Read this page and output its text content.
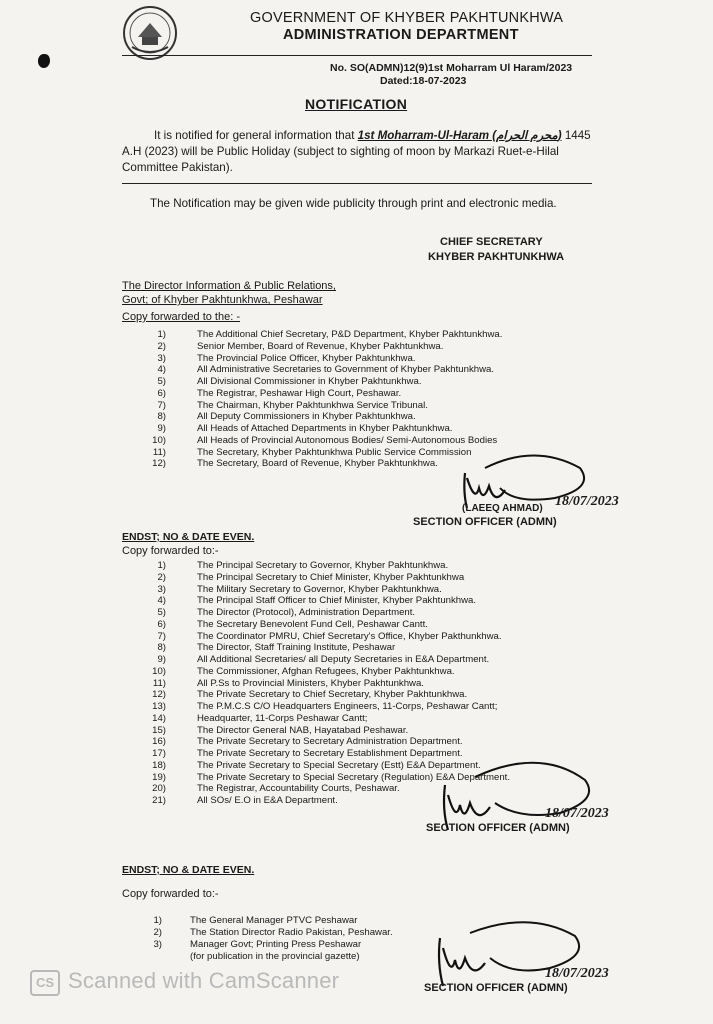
GOVERNMENT OF KHYBER PAKHTUNKHWA
ADMINISTRATION DEPARTMENT
No. SO(ADMN)12(9)1st Moharram Ul Haram/2023
Dated:18-07-2023
NOTIFICATION
It is notified for general information that 1st Moharram-Ul-Haram (محرم الحرام) 1445 A.H (2023) will be Public Holiday (subject to sighting of moon by Markazi Ruet-e-Hilal Committee Pakistan).
The Notification may be given wide publicity through print and electronic media.
CHIEF SECRETARY
KHYBER PAKHTUNKHWA
The Director Information & Public Relations,
Govt; of Khyber Pakhtunkhwa, Peshawar
Copy forwarded to the: -
1)	The Additional Chief Secretary, P&D Department, Khyber Pakhtunkhwa.
2)	Senior Member, Board of Revenue, Khyber Pakhtunkhwa.
3)	The Provincial Police Officer, Khyber Pakhtunkhwa.
4)	All Administrative Secretaries to Government of Khyber Pakhtunkhwa.
5)	All Divisional Commissioner in Khyber Pakhtunkhwa.
6)	The Registrar, Peshawar High Court, Peshawar.
7)	The Chairman, Khyber Pakhtunkhwa Service Tribunal.
8)	All Deputy Commissioners in Khyber Pakhtunkhwa.
9)	All Heads of Attached Departments in Khyber Pakhtunkhwa.
10)	All Heads of Provincial Autonomous Bodies/ Semi-Autonomous Bodies
11)	The Secretary, Khyber Pakhtunkhwa Public Service Commission
12)	The Secretary, Board of Revenue, Khyber Pakhtunkhwa.
(LAEEQ AHMAD) 18/07/2023
SECTION OFFICER (ADMN)
ENDST; NO & DATE EVEN.
Copy forwarded to:-
1)	The Principal Secretary to Governor, Khyber Pakhtunkhwa.
2)	The Principal Secretary to Chief Minister, Khyber Pakhtunkhwa
3)	The Military Secretary to Governor, Khyber Pakhtunkhwa.
4)	The Principal Staff Officer to Chief Minister, Khyber Pakhtunkhwa.
5)	The Director (Protocol), Administration Department.
6)	The Secretary Benevolent Fund Cell, Peshawar Cantt.
7)	The Coordinator PMRU, Chief Secretary's Office, Khyber Pakthunkhwa.
8)	The Director, Staff Training Institute, Peshawar
9)	All Additional Secretaries/ all Deputy Secretaries in E&A Department.
10)	The Commissioner, Afghan Refugees, Khyber Pakhtunkhwa.
11)	All P.Ss to Provincial Ministers, Khyber Pakhtunkhwa.
12)	The Private Secretary to Chief Secretary, Khyber Pakhtunkhwa.
13)	The P.M.C.S C/O Headquarters Engineers, 11-Corps, Peshawar Cantt;
14)	Headquarter, 11-Corps Peshawar Cantt;
15)	The Director General NAB, Hayatabad Peshawar.
16)	The Private Secretary to Secretary Administration Department.
17)	The Private Secretary to Secretary Establishment Department.
18)	The Private Secretary to Special Secretary (Estt) E&A Department.
19)	The Private Secretary to Special Secretary (Regulation) E&A Department.
20)	The Registrar, Accountability Courts, Peshawar.
21)	All SOs/ E.O in E&A Department.
18/07/2023
SECTION OFFICER (ADMN)
ENDST; NO & DATE EVEN.
Copy forwarded to:-
1)	The General Manager PTVC Peshawar
2)	The Station Director Radio Pakistan, Peshawar.
3)	Manager Govt; Printing Press Peshawar
(for publication in the provincial gazette)
18/07/2023
SECTION OFFICER (ADMN)
CS Scanned with CamScanner
